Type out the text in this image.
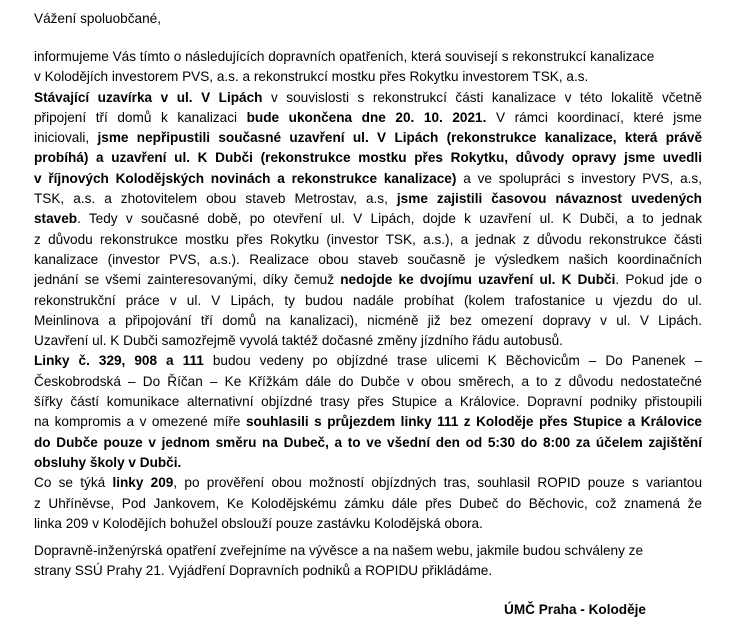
Vážení spoluobčané,
informujeme Vás tímto o následujících dopravních opatřeních, která souvisejí s rekonstrukcí kanalizace
v Kolodějích investorem PVS, a.s. a rekonstrukcí mostku přes Rokytku investorem TSK, a.s.
Stávající uzavírka v ul. V Lipách v souvislosti s rekonstrukcí části kanalizace v této lokalitě včetně
připojení tří domů k kanalizaci bude ukončena dne 20. 10. 2021. V rámci koordinací, které jsme
iniciovali, jsme nepřipustili současné uzavření ul. V Lipách (rekonstrukce kanalizace, která právě
probíhá) a uzavření ul. K Dubči (rekonstrukce mostku přes Rokytku, důvody opravy jsme uvedli
v říjnových Kolodějských novinách a rekonstrukce kanalizace) a ve spolupráci s investory PVS, a.s,
TSK, a.s. a zhotovitelem obou staveb Metrostav, a.s, jsme zajistili časovou návaznost uvedených
staveb. Tedy v současné době, po otevření ul. V Lipách, dojde k uzavření ul. K Dubči, a to jednak
z důvodu rekonstrukce mostku přes Rokytku (investor TSK, a.s.), a jednak z důvodu rekonstrukce části
kanalizace (investor PVS, a.s.). Realizace obou staveb současně je výsledkem našich koordinačních
jednání se všemi zainteresovanými, díky čemuž nedojde ke dvojímu uzavření ul. K Dubči. Pokud jde o
rekonstrukční práce v ul. V Lipách, ty budou nadále probíhat (kolem trafostanice u vjezdu do ul.
Meinlinova a připojování tří domů na kanalizaci), nicméně již bez omezení dopravy v ul. V Lipách.
Uzavření ul. K Dubči samozřejmě vyvolá taktéž dočasné změny jízdního řádu autobusů.
Linky č. 329, 908 a 111 budou vedeny po objízdné trase ulicemi K Běchovicům – Do Panenek –
Českobrodská – Do Říčan – Ke Křížkám dále do Dubče v obou směrech, a to z důvodu nedostatečné
šířky částí komunikace alternativní objízdné trasy přes Stupice a Královice. Dopravní podniky přistoupili
na kompromis a v omezené míře souhlasili s průjezdem linky 111 z Koloděje přes Stupice a Královice
do Dubče pouze v jednom směru na Dubeč, a to ve všední den od 5:30 do 8:00 za účelem zajištění
obsluhy školy v Dubči.
Co se týká linky 209, po prověření obou možností objízdných tras, souhlasil ROPID pouze s variantou
z Uhříněvse, Pod Jankovem, Ke Kolodějskému zámku dále přes Dubeč do Běchovic, což znamená že
linka 209 v Kolodějích bohužel obslouží pouze zastávku Kolodějská obora.
Dopravně-inženýrská opatření zveřejníme na vývěsce a na našem webu, jakmile budou schváleny ze
strany SSÚ Prahy 21. Vyjádření Dopravních podniků a ROPIDU přikládáme.
ÚMČ Praha - Koloděje
